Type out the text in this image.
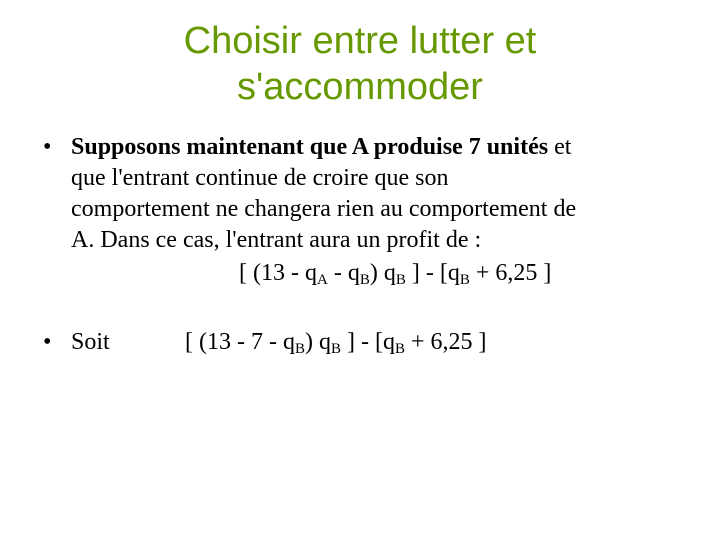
Choisir entre lutter et
s'accommoder
• Supposons maintenant que A produise 7 unités et
que l'entrant continue de croire que son
comportement ne changera rien au comportement de
A. Dans ce cas, l'entrant aura un profit de :
[ $(13 - q_A - q_B)$ $q_B$ ] - [$q_B + 6,25$ ]
• Soit	[ $(13 - 7 - q_B)$ $q_B$ ] - [$q_B + 6,25$ ]
